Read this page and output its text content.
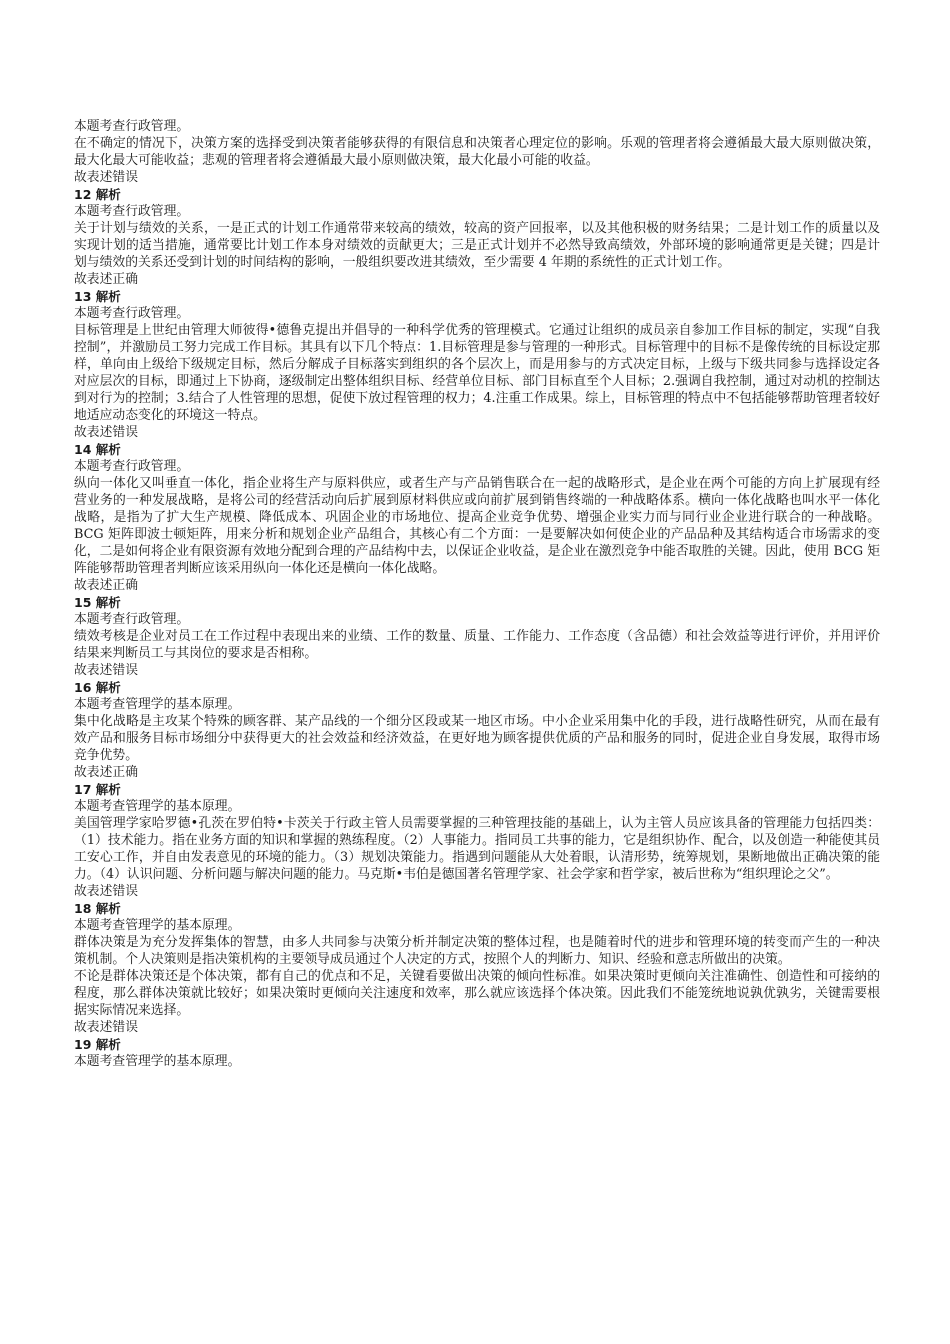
本题考查行政管理。

在不确定的情况下，决策方案的选择受到决策者能够获得的有限信息和决策者心理定位的影响。乐观的管理者将会遵循最大最大原则做决策，最大化最大可能收益；悲观的管理者将会遵循最大最小原则做决策，最大化最小可能的收益。

故表述错误

12 解析

本题考查行政管理。

关于计划与绩效的关系，一是正式的计划工作通常带来较高的绩效，较高的资产回报率，以及其他积极的财务结果；二是计划工作的质量以及实现计划的适当措施，通常要比计划工作本身对绩效的贡献更大；三是正式计划并不必然导致高绩效，外部环境的影响通常更是关键；四是计划与绩效的关系还受到计划的时间结构的影响，一般组织要改进其绩效，至少需要 4 年期的系统性的正式计划工作。

故表述正确

13 解析

本题考查行政管理。

目标管理是上世纪由管理大师彼得•德鲁克提出并倡导的一种科学优秀的管理模式。它通过让组织的成员亲自参加工作目标的制定，实现“自我控制”，并激励员工努力完成工作目标。其具有以下几个特点：1.目标管理是参与管理的一种形式。目标管理中的目标不是像传统的目标设定那样，单向由上级给下级规定目标，然后分解成子目标落实到组织的各个层次上，而是用参与的方式决定目标，上级与下级共同参与选择设定各对应层次的目标，即通过上下协商，逐级制定出整体组织目标、经营单位目标、部门目标直至个人目标；2.强调自我控制，通过对动机的控制达到对行为的控制；3.结合了人性管理的思想，促使下放过程管理的权力；4.注重工作成果。综上，目标管理的特点中不包括能够帮助管理者较好地适应动态变化的环境这一特点。

故表述错误

14 解析

本题考查行政管理。

纵向一体化又叫垂直一体化，指企业将生产与原料供应，或者生产与产品销售联合在一起的战略形式，是企业在两个可能的方向上扩展现有经营业务的一种发展战略，是将公司的经营活动向后扩展到原材料供应或向前扩展到销售终端的一种战略体系。横向一体化战略也叫水平一体化战略，是指为了扩大生产规模、降低成本、巩固企业的市场地位、提高企业竞争优势、增强企业实力而与同行业企业进行联合的一种战略。BCG 矩阵即波士顿矩阵，用来分析和规划企业产品组合，其核心有二个方面：一是要解决如何使企业的产品品种及其结构适合市场需求的变化，二是如何将企业有限资源有效地分配到合理的产品结构中去，以保证企业收益，是企业在激烈竞争中能否取胜的关键。因此，使用 BCG 矩阵能够帮助管理者判断应该采用纵向一体化还是横向一体化战略。

故表述正确

15 解析

本题考查行政管理。

绩效考核是企业对员工在工作过程中表现出来的业绩、工作的数量、质量、工作能力、工作态度（含品德）和社会效益等进行评价，并用评价结果来判断员工与其岗位的要求是否相称。

故表述错误

16 解析

本题考查管理学的基本原理。

集中化战略是主攻某个特殊的顾客群、某产品线的一个细分区段或某一地区市场。中小企业采用集中化的手段，进行战略性研究，从而在最有效产品和服务目标市场细分中获得更大的社会效益和经济效益，在更好地为顾客提供优质的产品和服务的同时，促进企业自身发展，取得市场竞争优势。

故表述正确

17 解析

本题考查管理学的基本原理。

美国管理学家哈罗德•孔茨在罗伯特•卡茨关于行政主管人员需要掌握的三种管理技能的基础上，认为主管人员应该具备的管理能力包括四类：（1）技术能力。指在业务方面的知识和掌握的熟练程度。（2）人事能力。指同员工共事的能力，它是组织协作、配合，以及创造一种能使其员工安心工作，并自由发表意见的环境的能力。（3）规划决策能力。指遇到问题能从大处着眼，认清形势，统筹规划，果断地做出正确决策的能力。（4）认识问题、分析问题与解决问题的能力。马克斯•韦伯是德国著名管理学家、社会学家和哲学家，被后世称为“组织理论之父”。

故表述错误

18 解析

本题考查管理学的基本原理。

群体决策是为充分发挥集体的智慧，由多人共同参与决策分析并制定决策的整体过程，也是随着时代的进步和管理环境的转变而产生的一种决策机制。个人决策则是指决策机构的主要领导成员通过个人决定的方式，按照个人的判断力、知识、经验和意志所做出的决策。

不论是群体决策还是个体决策，都有自己的优点和不足，关键看要做出决策的倾向性标准。如果决策时更倾向关注准确性、创造性和可接纳的程度，那么群体决策就比较好；如果决策时更倾向关注速度和效率，那么就应该选择个体决策。因此我们不能笼统地说孰优孰劣，关键需要根据实际情况来选择。

故表述错误

19 解析

本题考查管理学的基本原理。
